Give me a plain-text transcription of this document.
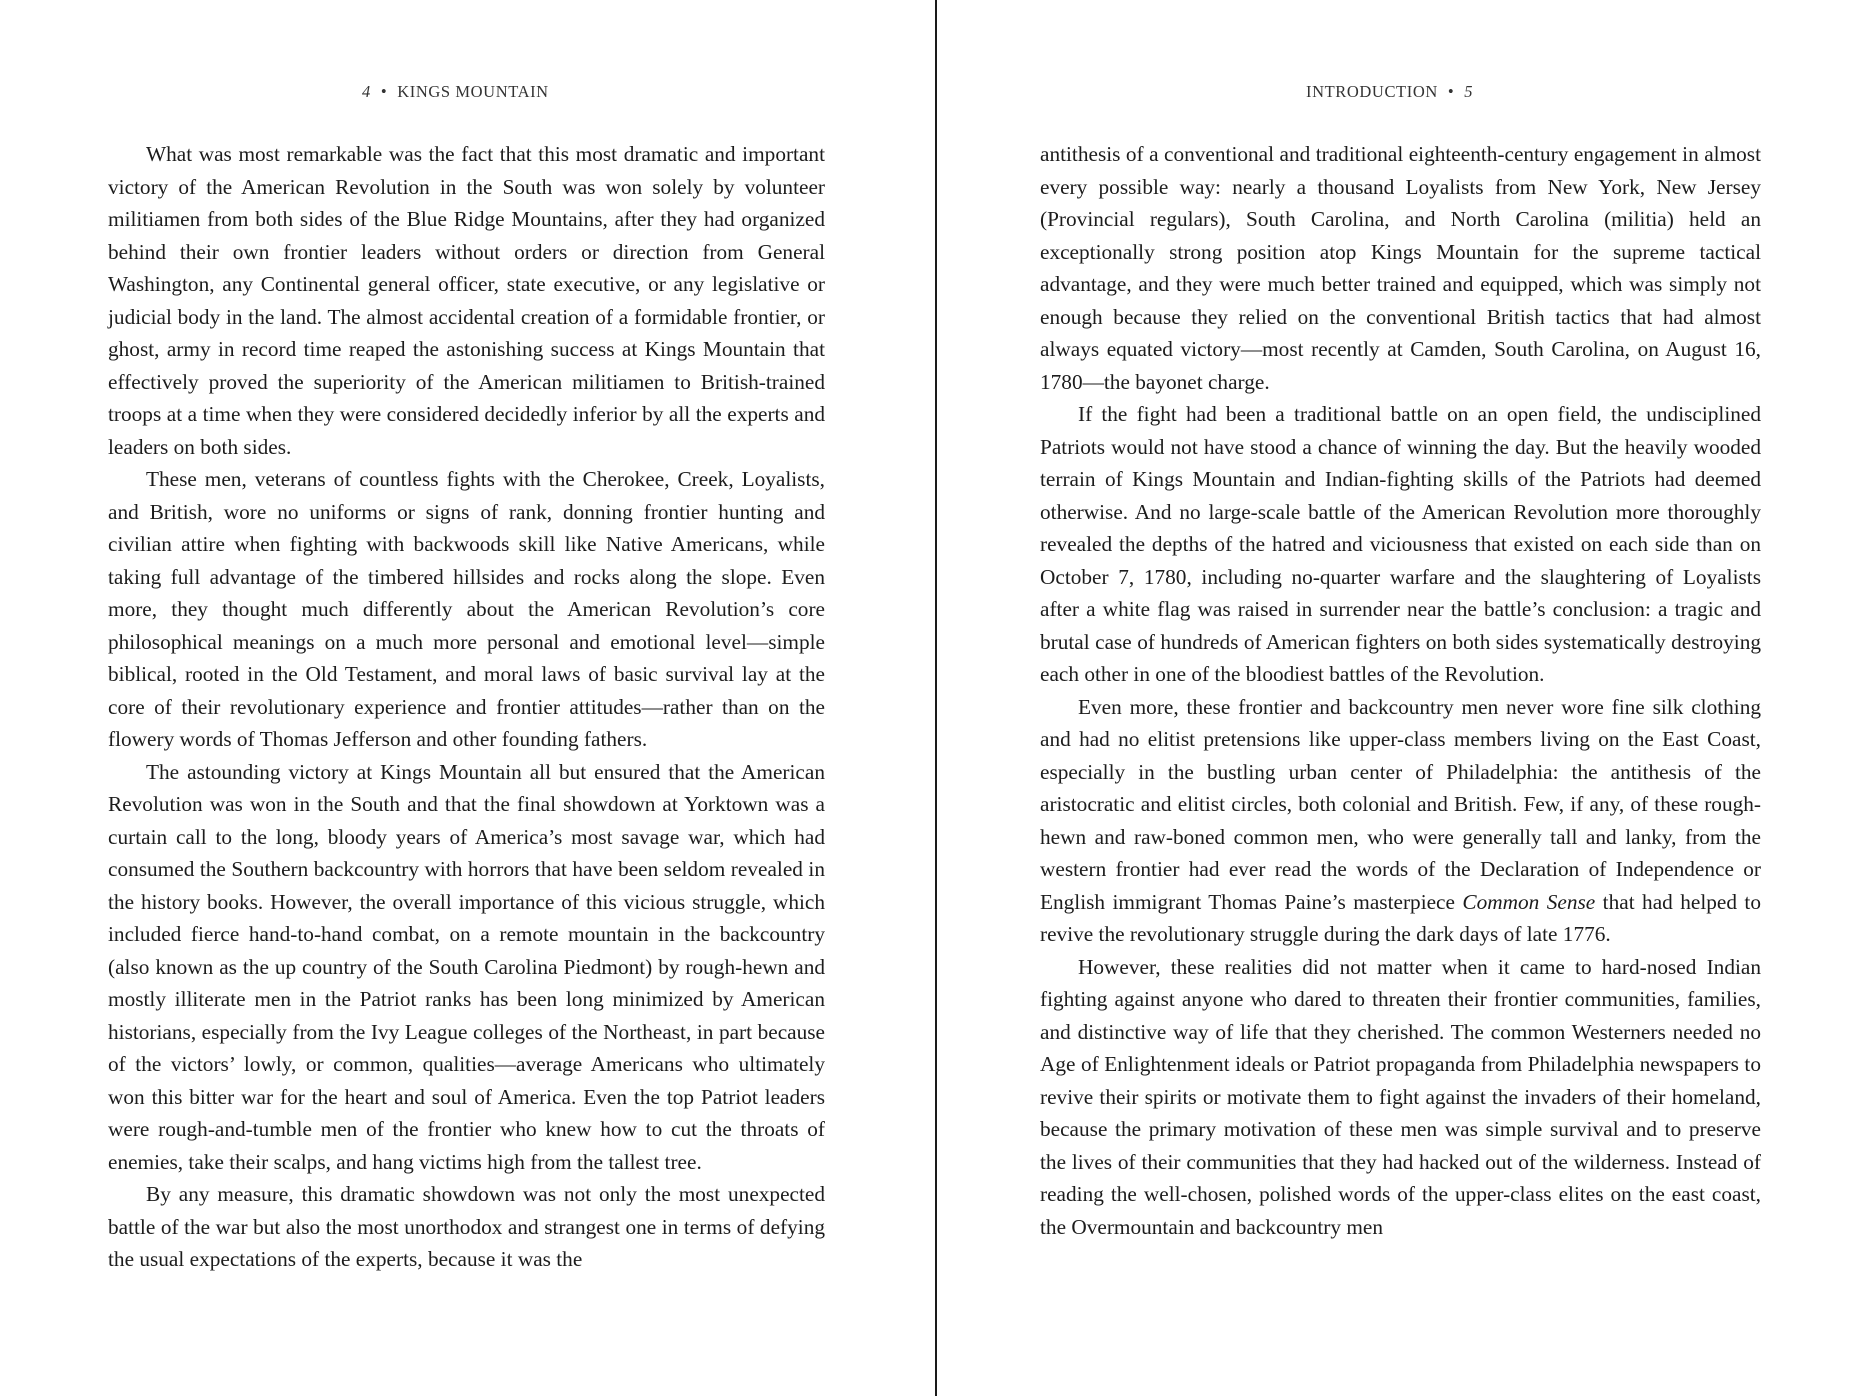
4 • KINGS MOUNTAIN

What was most remarkable was the fact that this most dramatic and important victory of the American Revolution in the South was won solely by volunteer militiamen from both sides of the Blue Ridge Mountains, after they had organized behind their own frontier leaders without orders or direction from General Washington, any Continental general officer, state executive, or any legislative or judicial body in the land. The almost accidental creation of a formidable frontier, or ghost, army in record time reaped the astonishing success at Kings Mountain that effectively proved the superiority of the American militiamen to British-trained troops at a time when they were considered decidedly inferior by all the experts and leaders on both sides.

These men, veterans of countless fights with the Cherokee, Creek, Loyalists, and British, wore no uniforms or signs of rank, donning frontier hunting and civilian attire when fighting with backwoods skill like Native Americans, while taking full advantage of the timbered hillsides and rocks along the slope. Even more, they thought much differently about the American Revolution’s core philosophical meanings on a much more personal and emotional level—simple biblical, rooted in the Old Testament, and moral laws of basic survival lay at the core of their revolutionary experience and frontier attitudes—rather than on the flowery words of Thomas Jefferson and other founding fathers.

The astounding victory at Kings Mountain all but ensured that the American Revolution was won in the South and that the final showdown at Yorktown was a curtain call to the long, bloody years of America’s most savage war, which had consumed the Southern backcountry with horrors that have been seldom revealed in the history books. However, the overall importance of this vicious struggle, which included fierce hand-to-hand combat, on a remote mountain in the backcountry (also known as the up country of the South Carolina Piedmont) by rough-hewn and mostly illiterate men in the Patriot ranks has been long minimized by American historians, especially from the Ivy League colleges of the Northeast, in part because of the victors’ lowly, or common, qualities—average Americans who ultimately won this bitter war for the heart and soul of America. Even the top Patriot leaders were rough-and-tumble men of the frontier who knew how to cut the throats of enemies, take their scalps, and hang victims high from the tallest tree.

By any measure, this dramatic showdown was not only the most unexpected battle of the war but also the most unorthodox and strangest one in terms of defying the usual expectations of the experts, because it was the

INTRODUCTION • 5

antithesis of a conventional and traditional eighteenth-century engagement in almost every possible way: nearly a thousand Loyalists from New York, New Jersey (Provincial regulars), South Carolina, and North Carolina (militia) held an exceptionally strong position atop Kings Mountain for the supreme tactical advantage, and they were much better trained and equipped, which was simply not enough because they relied on the conventional British tactics that had almost always equated victory—most recently at Camden, South Carolina, on August 16, 1780—the bayonet charge.

If the fight had been a traditional battle on an open field, the undisciplined Patriots would not have stood a chance of winning the day. But the heavily wooded terrain of Kings Mountain and Indian-fighting skills of the Patriots had deemed otherwise. And no large-scale battle of the American Revolution more thoroughly revealed the depths of the hatred and viciousness that existed on each side than on October 7, 1780, including no-quarter warfare and the slaughtering of Loyalists after a white flag was raised in surrender near the battle’s conclusion: a tragic and brutal case of hundreds of American fighters on both sides systematically destroying each other in one of the bloodiest battles of the Revolution.

Even more, these frontier and backcountry men never wore fine silk clothing and had no elitist pretensions like upper-class members living on the East Coast, especially in the bustling urban center of Philadelphia: the antithesis of the aristocratic and elitist circles, both colonial and British. Few, if any, of these rough-hewn and raw-boned common men, who were generally tall and lanky, from the western frontier had ever read the words of the Declaration of Independence or English immigrant Thomas Paine’s masterpiece Common Sense that had helped to revive the revolutionary struggle during the dark days of late 1776.

However, these realities did not matter when it came to hard-nosed Indian fighting against anyone who dared to threaten their frontier communities, families, and distinctive way of life that they cherished. The common Westerners needed no Age of Enlightenment ideals or Patriot propaganda from Philadelphia newspapers to revive their spirits or motivate them to fight against the invaders of their homeland, because the primary motivation of these men was simple survival and to preserve the lives of their communities that they had hacked out of the wilderness. Instead of reading the well-chosen, polished words of the upper-class elites on the east coast, the Overmountain and backcountry men
